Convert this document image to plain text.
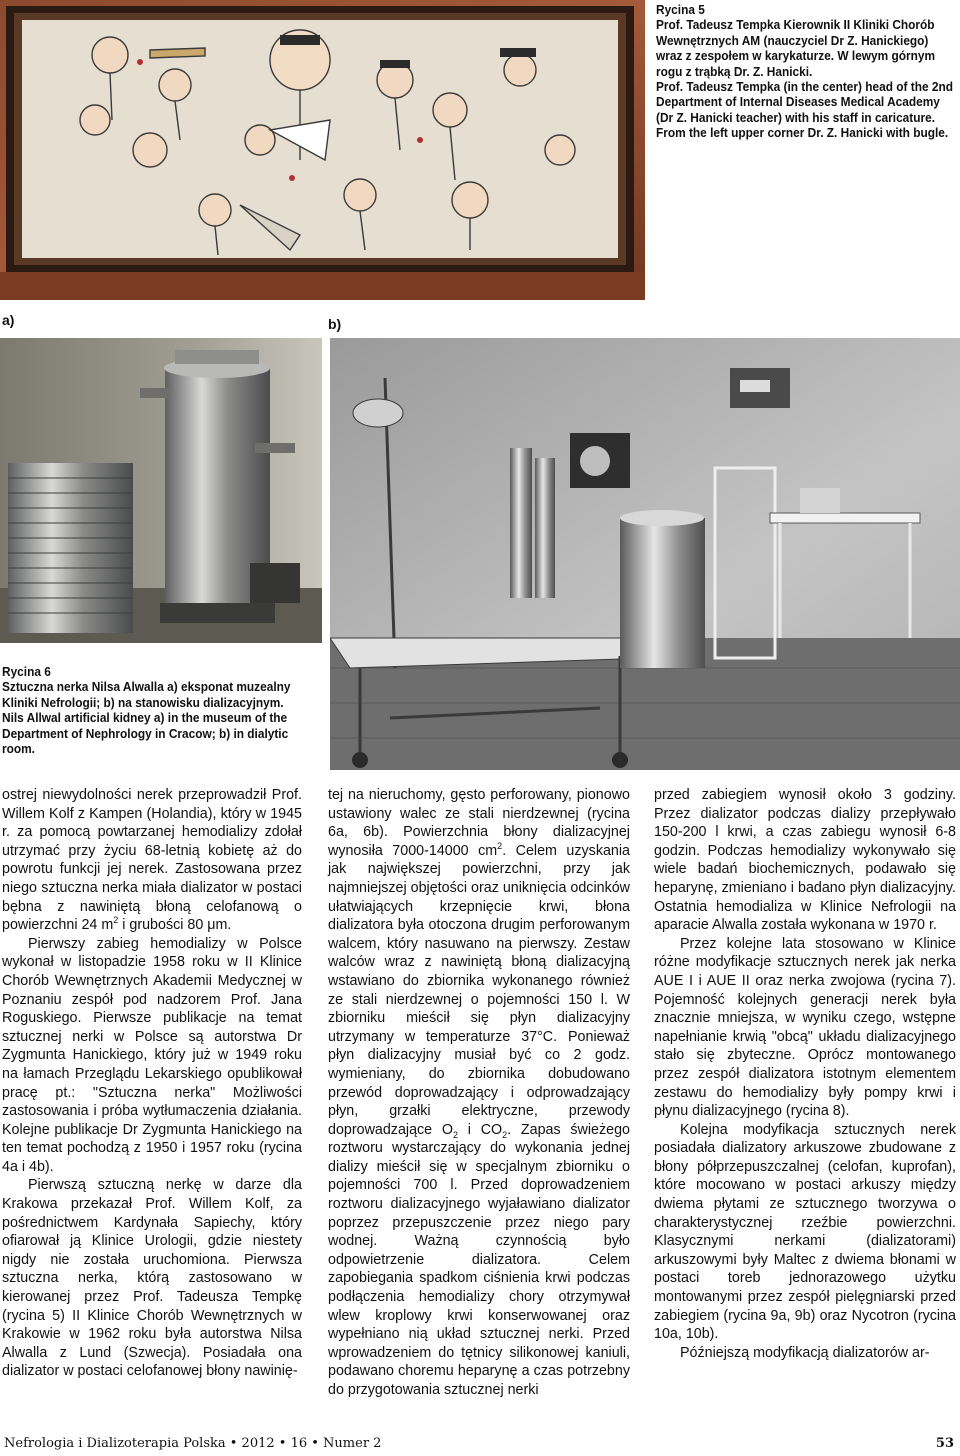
Rycina 5
Prof. Tadeusz Tempka Kierownik II Kliniki Chorób
Wewnętrznych AM (nauczyciel Dr Z. Hanickiego)
wraz z zespołem w karykaturze. W lewym górnym
rogu z trąbką Dr. Z. Hanicki.
Prof. Tadeusz Tempka (in the center) head of the 2nd
Department of Internal Diseases Medical Academy
(Dr Z. Hanicki teacher) with his staff in caricature.
From the left upper corner Dr. Z. Hanicki with bugle.
a)	b)
Rycina 6
Sztuczna nerka Nilsa Alwalla a) eksponat muzealny
Kliniki Nefrologii; b) na stanowisku dializacyjnym.
Nils Allwal artificial kidney a) in the museum of the
Department of Nephrology in Cracow; b) in dialytic
room.

ostrej niewydolności nerek przeprowadził Prof. Willem Kolf z Kampen (Holandia), który w 1945 r. za pomocą powtarzanej hemodializy zdołał utrzymać przy życiu 68-letnią kobietę aż do powrotu funkcji jej nerek. Zastosowana przez niego sztuczna nerka miała dializator w postaci bębna z nawiniętą błoną celofanową o powierzchni 24 $m^2$ i grubości 80 μm.

Pierwszy zabieg hemodializy w Polsce wykonał w listopadzie 1958 roku w II Klinice Chorób Wewnętrznych Akademii Medycznej w Poznaniu zespół pod nadzorem Prof. Jana Roguskiego. Pierwsze publikacje na temat sztucznej nerki w Polsce są autorstwa Dr Zygmunta Hanickiego, który już w 1949 roku na łamach Przeglądu Lekarskiego opublikował pracę pt.: "Sztuczna nerka" Możliwości zastosowania i próba wytłumaczenia działania. Kolejne publikacje Dr Zygmunta Hanickiego na ten temat pochodzą z 1950 i 1957 roku (rycina 4a i 4b).

Pierwszą sztuczną nerkę w darze dla Krakowa przekazał Prof. Willem Kolf, za pośrednictwem Kardynała Sapiechy, który ofiarował ją Klinice Urologii, gdzie niestety nigdy nie została uruchomiona. Pierwsza sztuczna nerka, którą zastosowano w kierowanej przez Prof. Tadeusza Tempkę (rycina 5) II Klinice Chorób Wewnętrznych w Krakowie w 1962 roku była autorstwa Nilsa Alwalla z Lund (Szwecja). Posiadała ona dializator w postaci celofanowej błony nawinię-

tej na nieruchomy, gęsto perforowany, pionowo ustawiony walec ze stali nierdzewnej (rycina 6a, 6b). Powierzchnia błony dializacyjnej wynosiła 7000-14000 $cm^2$. Celem uzyskania jak największej powierzchni, przy jak najmniejszej objętości oraz uniknięcia odcinków ułatwiających krzepnięcie krwi, błona dializatora była otoczona drugim perforowanym walcem, który nasuwano na pierwszy. Zestaw walców wraz z nawiniętą błoną dializacyjną wstawiano do zbiornika wykonanego również ze stali nierdzewnej o pojemności 150 l. W zbiorniku mieścił się płyn dializacyjny utrzymany w temperaturze 37°C. Ponieważ płyn dializacyjny musiał być co 2 godz. wymieniany, do zbiornika dobudowano przewód doprowadzający i odprowadzający płyn, grzałki elektryczne, przewody doprowadzające $O_2$ i $CO_2$. Zapas świeżego roztworu wystarczający do wykonania jednej dializy mieścił się w specjalnym zbiorniku o pojemności 700 l. Przed doprowadzeniem roztworu dializacyjnego wyjaławiano dializator poprzez przepuszczenie przez niego pary wodnej. Ważną czynnością było odpowietrzenie dializatora. Celem zapobiegania spadkom ciśnienia krwi podczas podłączenia hemodializy chory otrzymywał wlew kroplowy krwi konserwowanej oraz wypełniano nią układ sztucznej nerki. Przed wprowadzeniem do tętnicy silikonowej kaniuli, podawano choremu heparynę a czas potrzebny do przygotowania sztucznej nerki

przed zabiegiem wynosił około 3 godziny. Przez dializator podczas dializy przepływało 150-200 l krwi, a czas zabiegu wynosił 6-8 godzin. Podczas hemodializy wykonywało się wiele badań biochemicznych, podawało się heparynę, zmieniano i badano płyn dializacyjny. Ostatnia hemodializa w Klinice Nefrologii na aparacie Alwalla została wykonana w 1970 r.

Przez kolejne lata stosowano w Klinice różne modyfikacje sztucznych nerek jak nerka AUE I i AUE II oraz nerka zwojowa (rycina 7). Pojemność kolejnych generacji nerek była znacznie mniejsza, w wyniku czego, wstępne napełnianie krwią "obcą" układu dializacyjnego stało się zbyteczne. Oprócz montowanego przez zespół dializatora istotnym elementem zestawu do hemodializy były pompy krwi i płynu dializacyjnego (rycina 8).

Kolejna modyfikacja sztucznych nerek posiadała dializatory arkuszowe zbudowane z błony półprzepuszczalnej (celofan, kuprofan), które mocowano w postaci arkuszy między dwiema płytami ze sztucznego tworzywa o charakterystycznej rzeźbie powierzchni. Klasycznymi nerkami (dializatorami) arkuszowymi były Maltec z dwiema błonami w postaci toreb jednorazowego użytku montowanymi przez zespół pielęgniarski przed zabiegiem (rycina 9a, 9b) oraz Nycotron (rycina 10a, 10b).

Późniejszą modyfikacją dializatorów ar-

Nefrologia i Dializoterapia Polska • 2012 • 16 • Numer 2	53
